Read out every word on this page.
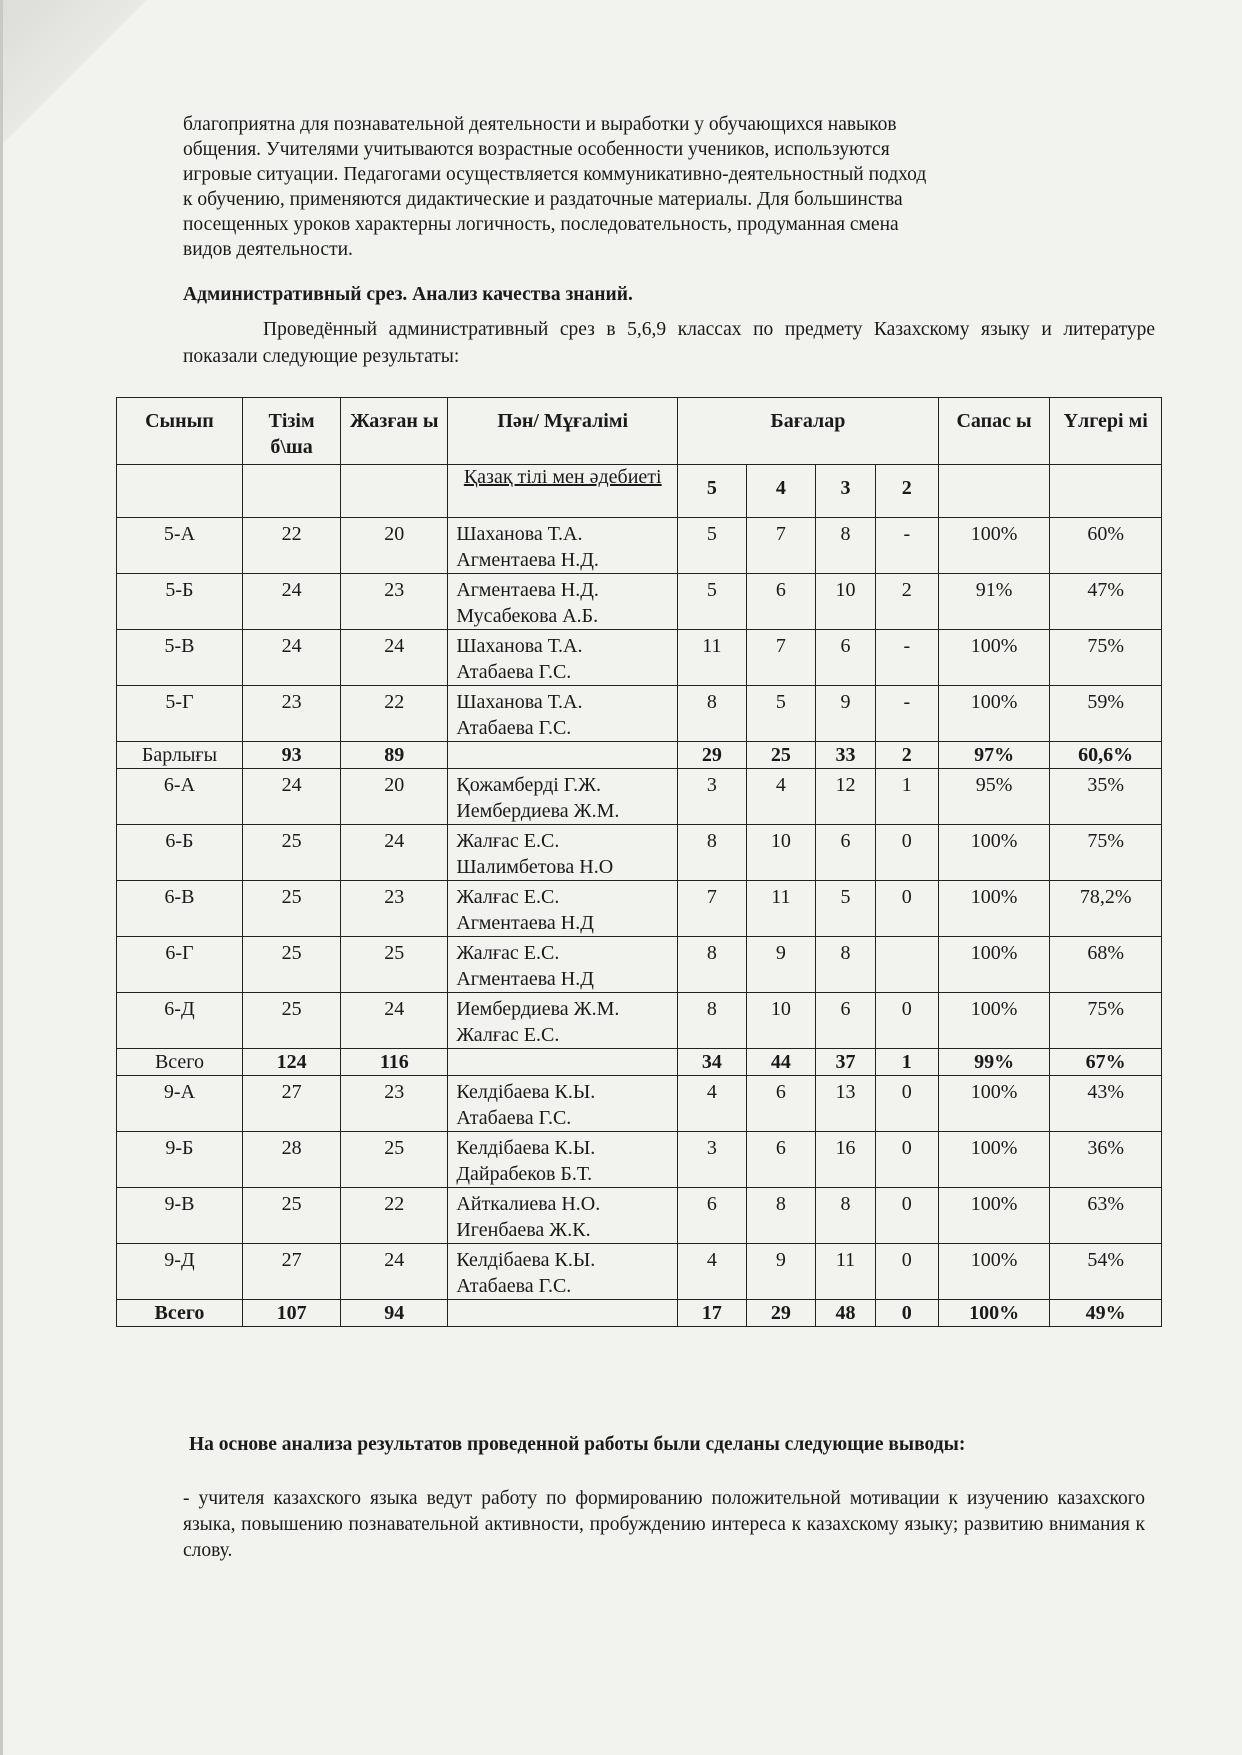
благоприятна для познавательной деятельности и выработки у обучающихся навыков

общения. Учителями учитываются возрастные особенности учеников, используются

игровые ситуации. Педагогами осуществляется коммуникативно-деятельностный подход

к обучению, применяются дидактические и раздаточные материалы. Для большинства

посещенных уроков характерны логичность, последовательность, продуманная смена

видов деятельности.

Административный срез. Анализ качества знаний.
Проведённый административный срез в 5,6,9 классах по предмету Казахскому языку и литературе показали следующие результаты:
Сынып	Тізім б\ша	Жазған ы	Пән/ Мұғалімі	Бағалар				Сапас ы	Үлгері мі
			Қазақ тілі мен әдебиеті	5	4	3	2		
5-А	22	20	Шаханова Т.А.
Агментаева Н.Д.	5	7	8	-	100%	60%
5-Б	24	23	Агментаева Н.Д.
Мусабекова А.Б.	5	6	10	2	91%	47%
5-В	24	24	Шаханова Т.А.
Атабаева Г.С.	11	7	6	-	100%	75%
5-Г	23	22	Шаханова Т.А.
Атабаева Г.С.	8	5	9	-	100%	59%
Барлығы	93	89		29	25	33	2	97%	60,6%
6-А	24	20	Қожамберді Г.Ж.
Иембердиева Ж.М.	3	4	12	1	95%	35%
6-Б	25	24	Жалғас Е.С.
Шалимбетова Н.О	8	10	6	0	100%	75%
6-В	25	23	Жалғас Е.С.
Агментаева Н.Д	7	11	5	0	100%	78,2%
6-Г	25	25	Жалғас Е.С.
Агментаева Н.Д	8	9	8		100%	68%
6-Д	25	24	Иембердиева Ж.М.
Жалғас Е.С.	8	10	6	0	100%	75%
Всего	124	116		34	44	37	1	99%	67%
9-А	27	23	Келдібаева К.Ы.
Атабаева Г.С.	4	6	13	0	100%	43%
9-Б	28	25	Келдібаева К.Ы.
Дайрабеков Б.Т.	3	6	16	0	100%	36%
9-В	25	22	Айткалиева Н.О.
Игенбаева Ж.К.	6	8	8	0	100%	63%
9-Д	27	24	Келдібаева К.Ы.
Атабаева Г.С.	4	9	11	0	100%	54%
Всего	107	94		17	29	48	0	100%	49%
На основе анализа результатов проведенной работы были сделаны следующие выводы:
- учителя казахского языка ведут работу по формированию положительной мотивации к изучению казахского языка, повышению познавательной активности, пробуждению интереса к казахскому языку; развитию внимания к слову.
